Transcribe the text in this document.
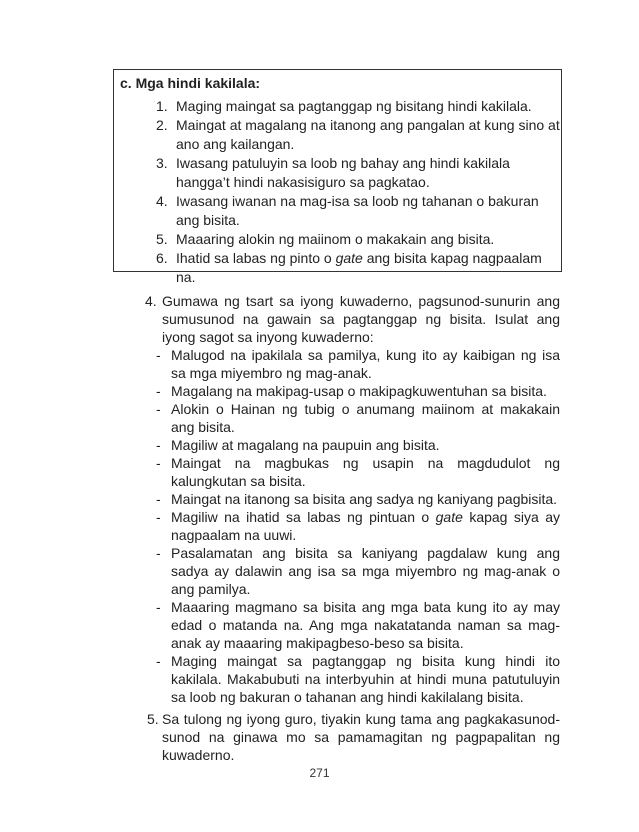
c. Mga hindi kakilala:

1. Maging maingat sa pagtanggap ng bisitang hindi kakilala.
2. Maingat at magalang na itanong ang pangalan at kung sino at ano ang kailangan.
3. Iwasang patuluyin sa loob ng bahay ang hindi kakilala hangga’t hindi nakasisiguro sa pagkatao.
4. Iwasang iwanan na mag-isa sa loob ng tahanan o bakuran ang bisita.
5. Maaaring alokin ng maiinom o makakain ang bisita.
6. Ihatid sa labas ng pinto o gate ang bisita kapag nagpaalam na.
4. Gumawa ng tsart sa iyong kuwaderno, pagsunod-sunurin ang sumusunod na gawain sa pagtanggap ng bisita. Isulat ang iyong sagot sa inyong kuwaderno:
- Malugod na ipakilala sa pamilya, kung ito ay kaibigan ng isa sa mga miyembro ng mag-anak.
- Magalang na makipag-usap o makipagkuwentuhan sa bisita.
- Alokin o Hainan ng tubig o anumang maiinom at makakain ang bisita.
- Magiliw at magalang na paupuin ang bisita.
- Maingat na magbukas ng usapin na magdudulot ng kalungkutan sa bisita.
- Maingat na itanong sa bisita ang sadya ng kaniyang pagbisita.
- Magiliw na ihatid sa labas ng pintuan o gate kapag siya ay nagpaalam na uuwi.
- Pasalamatan ang bisita sa kaniyang pagdalaw kung ang sadya ay dalawin ang isa sa mga miyembro ng mag-anak o ang pamilya.
- Maaaring magmano sa bisita ang mga bata kung ito ay may edad o matanda na. Ang mga nakatatanda naman sa mag-anak ay maaaring makipagbeso-beso sa bisita.
- Maging maingat sa pagtanggap ng bisita kung hindi ito kakilala. Makabubuti na interbyuhin at hindi muna patutuluyin sa loob ng bakuran o tahanan ang hindi kakilalang bisita.
5. Sa tulong ng iyong guro, tiyakin kung tama ang pagkakasunod-sunod na ginawa mo sa pamamagitan ng pagpapalitan ng kuwaderno.
271
